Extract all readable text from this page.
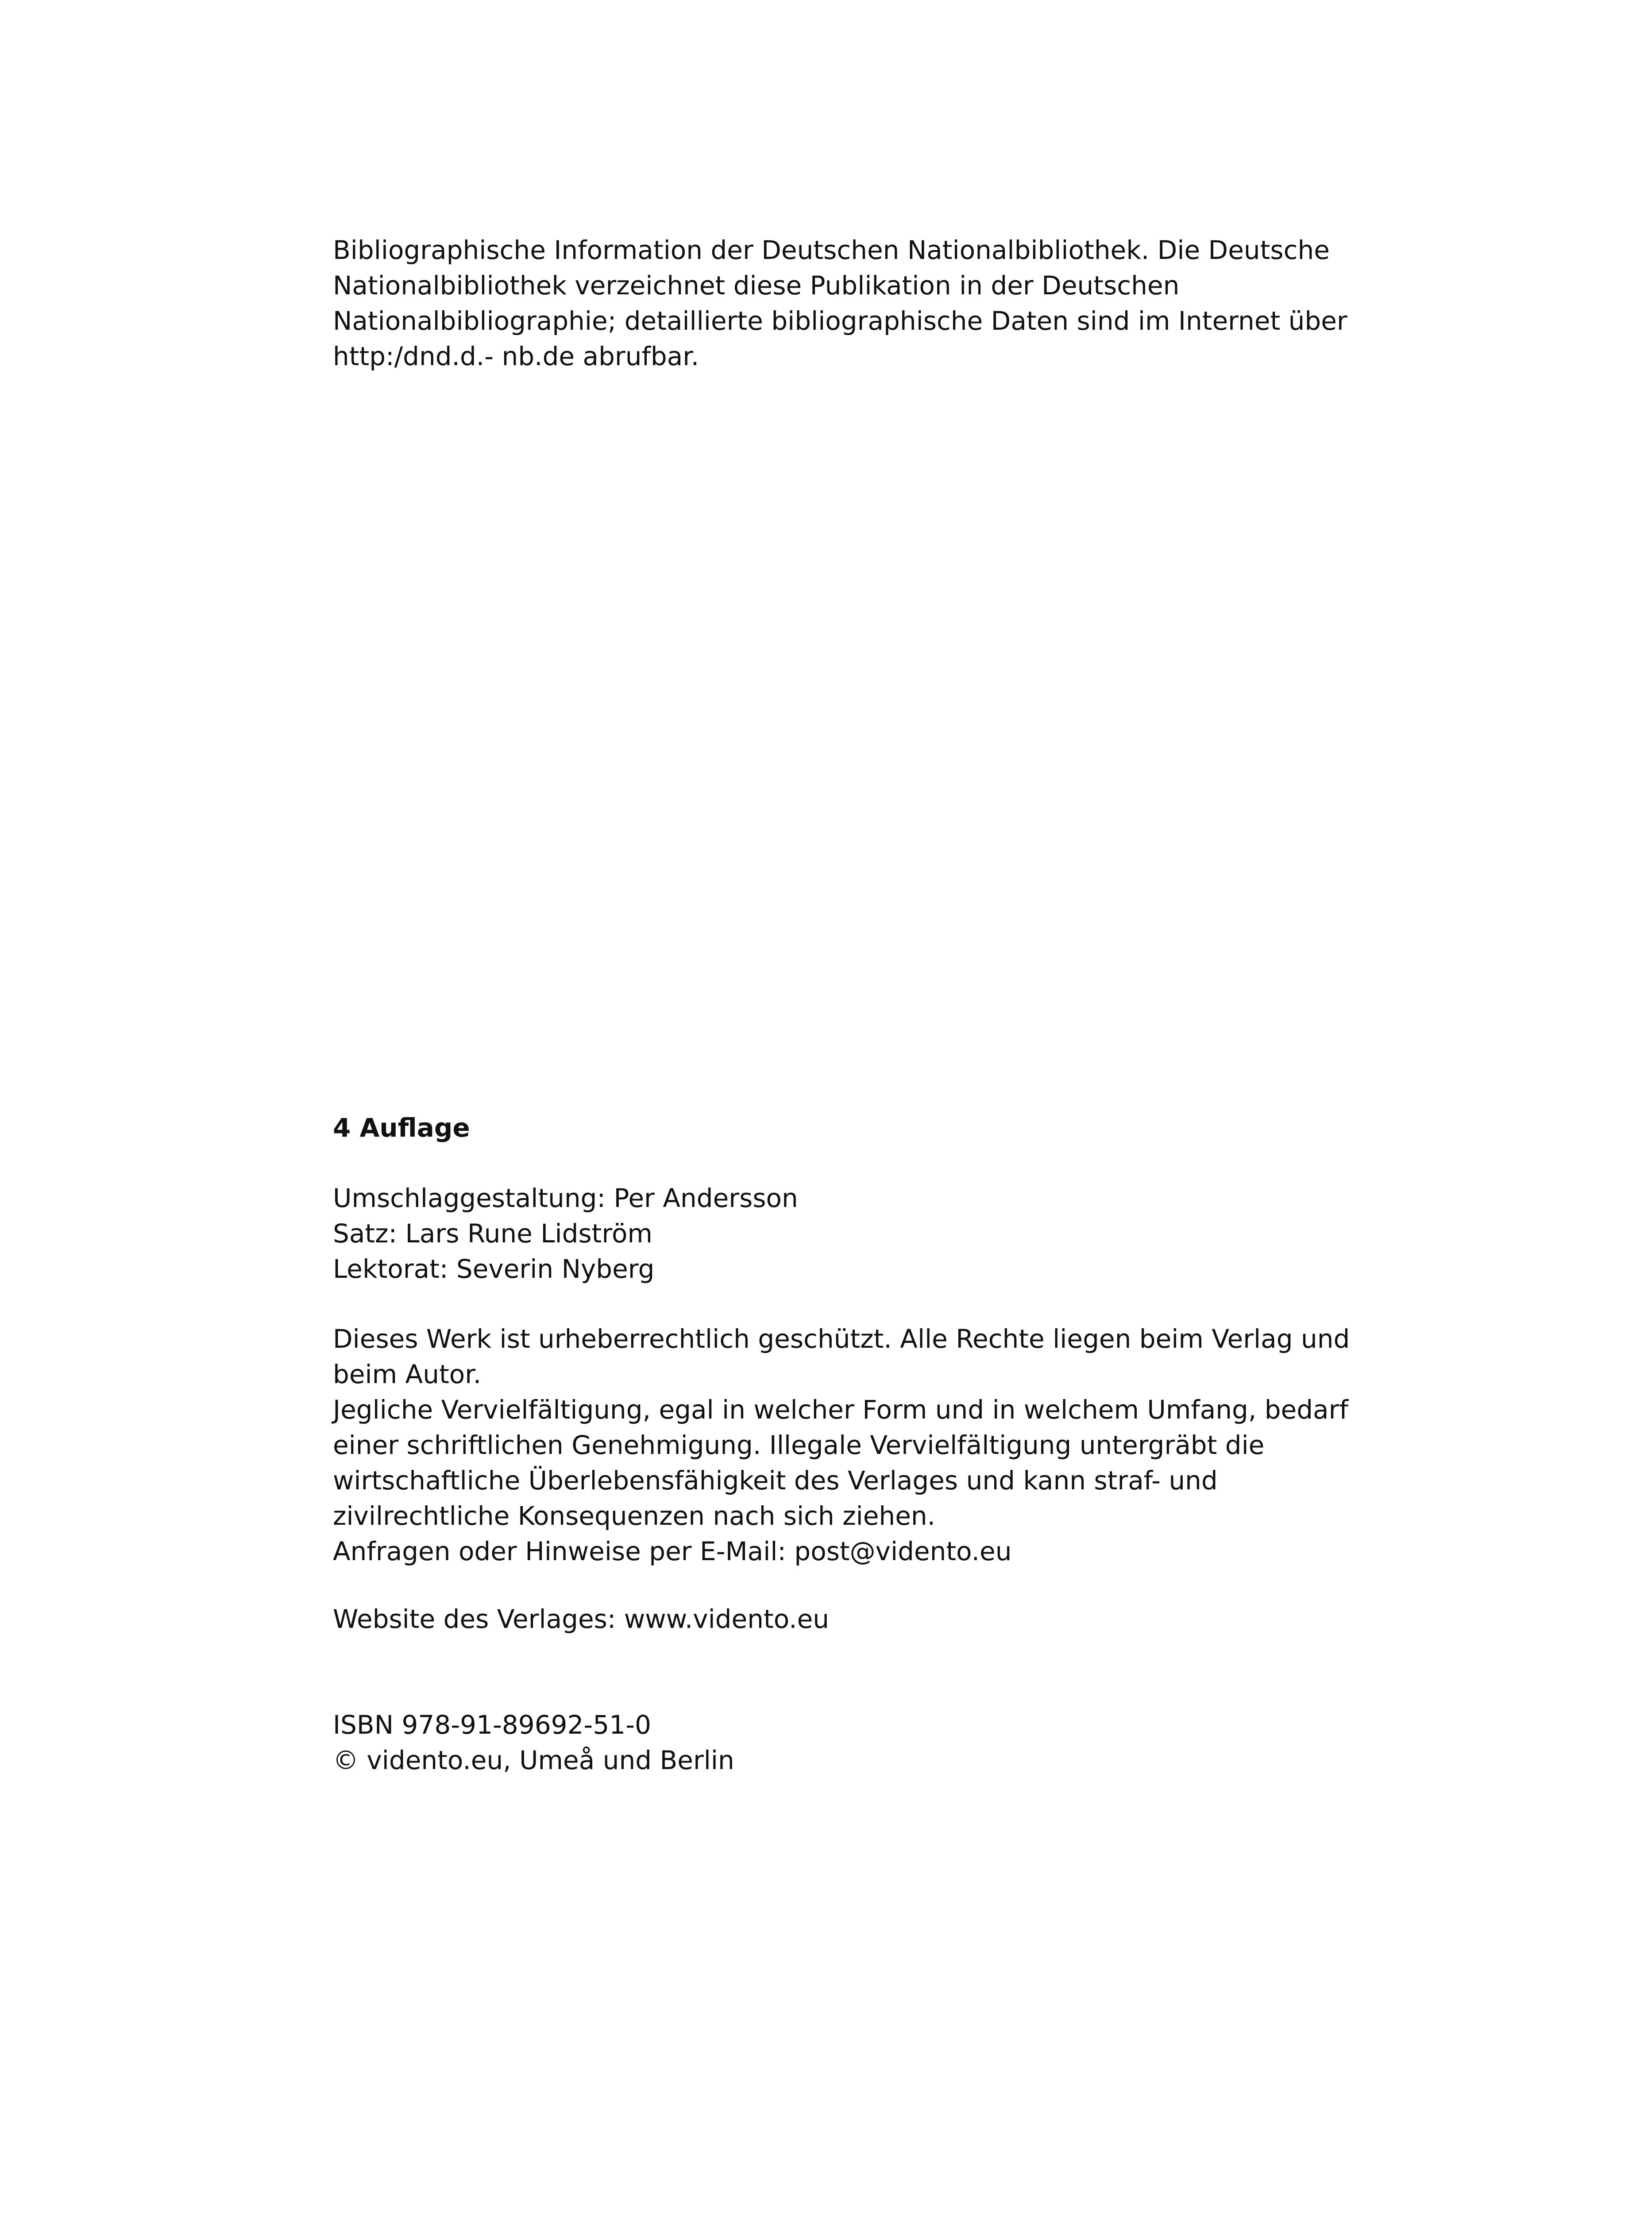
Bibliographische Information der Deutschen Nationalbibliothek. Die Deutsche
Nationalbibliothek verzeichnet diese Publikation in der Deutschen
Nationalbibliographie; detaillierte bibliographische Daten sind im Internet über
http:/dnd.d.- nb.de abrufbar.
4 Auflage
Umschlaggestaltung: Per Andersson
Satz: Lars Rune Lidström
Lektorat: Severin Nyberg
Dieses Werk ist urheberrechtlich geschützt. Alle Rechte liegen beim Verlag und
beim Autor.
Jegliche Vervielfältigung, egal in welcher Form und in welchem Umfang, bedarf
einer schriftlichen Genehmigung. Illegale Vervielfältigung untergräbt die
wirtschaftliche Überlebensfähigkeit des Verlages und kann straf- und
zivilrechtliche Konsequenzen nach sich ziehen.
Anfragen oder Hinweise per E-Mail: post@vidento.eu
Website des Verlages: www.vidento.eu
ISBN 978-91-89692-51-0
© vidento.eu, Umeå und Berlin
